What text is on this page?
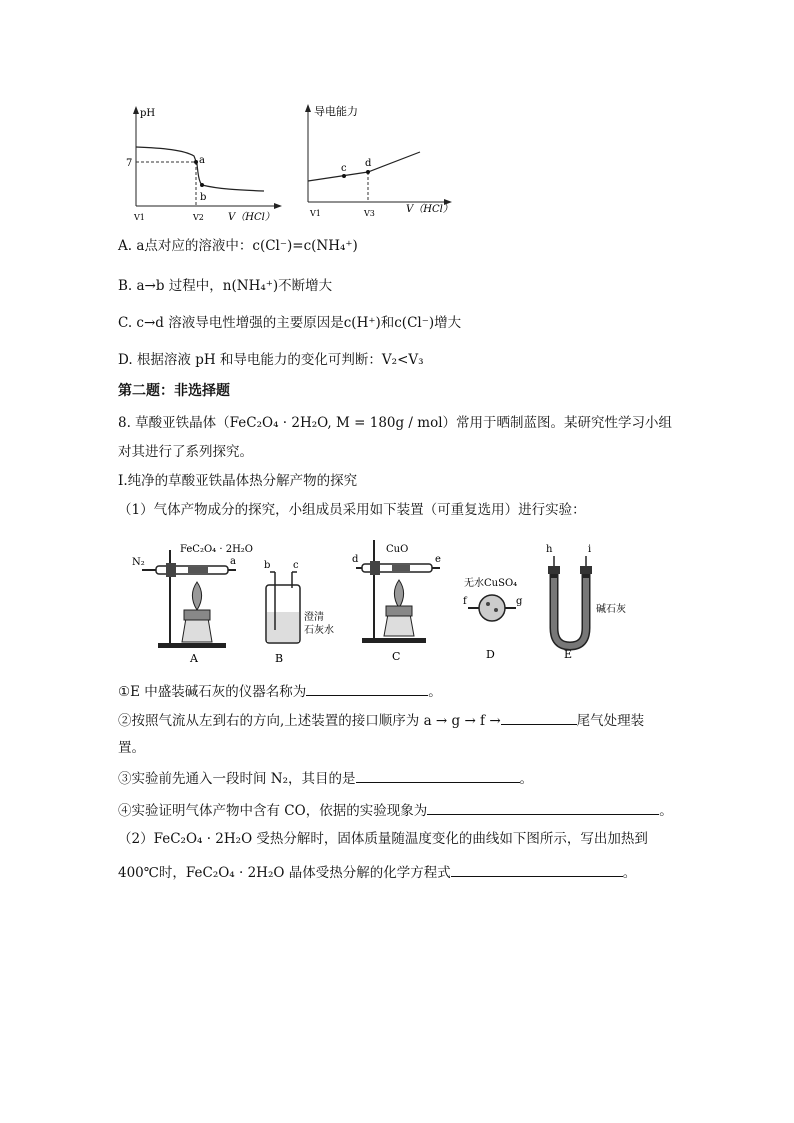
pH
7	a
b
V1	V2 V（HCl）
导电能力
c d
V1	V3	V（HCl）
A. a点对应的溶液中：c(Cl⁻)=c(NH₄⁺)
B. a→b 过程中，n(NH₄⁺)不断增大
C. c→d 溶液导电性增强的主要原因是c(H⁺)和c(Cl⁻)增大
D. 根据溶液 pH 和导电能力的变化可判断：V₂<V₃
第二题：非选择题
8. 草酸亚铁晶体（FeC₂O₄ · 2H₂O, M = 180g / mol）常用于晒制蓝图。某研究性学习小组
对其进行了系列探究。
I.纯净的草酸亚铁晶体热分解产物的探究
（1）气体产物成分的探究，小组成员采用如下装置（可重复选用）进行实验：
N₂
FeC₂O₄ · 2H₂O
a
A
b c
澄清
石灰水
B
d
CuO
e
C
无水CuSO₄
f	g
D
h	i
碱石灰
E
①E 中盛装碱石灰的仪器名称为	。
②按照气流从左到右的方向,上述装置的接口顺序为 a → g → f →	尾气处理装
置。
③实验前先通入一段时间 N₂，其目的是	。
④实验证明气体产物中含有 CO，依据的实验现象为	。
（2）FeC₂O₄ · 2H₂O 受热分解时，固体质量随温度变化的曲线如下图所示，写出加热到
400℃时，FeC₂O₄ · 2H₂O 晶体受热分解的化学方程式	。
